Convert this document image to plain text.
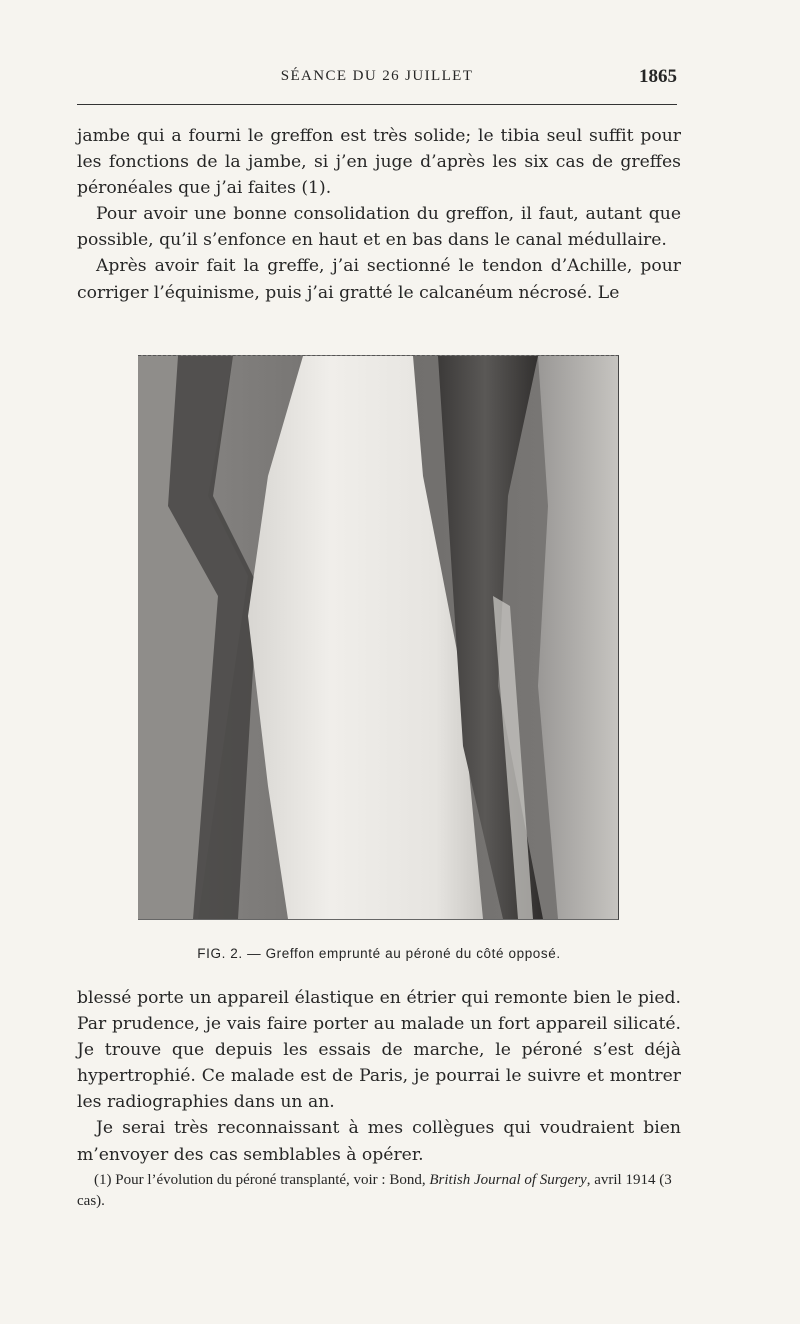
SÉANCE DU 26 JUILLET	1865

jambe qui a fourni le greffon est très solide; le tibia seul suffit pour les fonctions de la jambe, si j’en juge d’après les six cas de greffes péronéales que j’ai faites (1).

Pour avoir une bonne consolidation du greffon, il faut, autant que possible, qu’il s’enfonce en haut et en bas dans le canal médullaire.

Après avoir fait la greffe, j’ai sectionné le tendon d’Achille, pour corriger l’équinisme, puis j’ai gratté le calcanéum nécrosé. Le

FIG. 2. — Greffon emprunté au péroné du côté opposé.

blessé porte un appareil élastique en étrier qui remonte bien le pied. Par prudence, je vais faire porter au malade un fort appareil silicaté. Je trouve que depuis les essais de marche, le péroné s’est déjà hypertrophié. Ce malade est de Paris, je pourrai le suivre et montrer les radiographies dans un an.

Je serai très reconnaissant à mes collègues qui voudraient bien m’envoyer des cas semblables à opérer.

(1) Pour l’évolution du péroné transplanté, voir : Bond, British Journal of Surgery, avril 1914 (3 cas).
